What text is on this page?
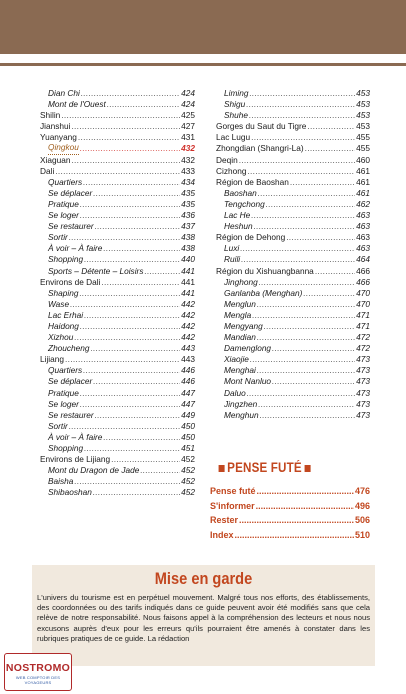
Dian Chi .....	424
Mont de l'Ouest .....	424
Shilin .....	425
Jianshui .....	427
Yuanyang .....	431
Qingkou .....	432
Xiaguan .....	432
Dali .....	433
Quartiers .....	434
Se déplacer .....	435
Pratique .....	435
Se loger .....	436
Se restaurer .....	437
Sortir .....	438
À voir – À faire .....	438
Shopping .....	440
Sports – Détente – Loisirs .....	441
Environs de Dali .....	441
Shaping .....	441
Wase .....	442
Lac Erhai .....	442
Haidong .....	442
Xizhou .....	442
Zhoucheng .....	443
Lijiang .....	443
Quartiers .....	446
Se déplacer .....	446
Pratique .....	447
Se loger .....	447
Se restaurer .....	449
Sortir .....	450
À voir – À faire .....	450
Shopping .....	451
Environs de Lijiang .....	452
Mont du Dragon de Jade .....	452
Baisha .....	452
Shibaoshan .....	452
Liming .....	453
Shigu .....	453
Shuhe .....	453
Gorges du Saut du Tigre .....	453
Lac Lugu .....	455
Zhongdian (Shangri-La) .....	455
Deqin .....	460
Cizhong .....	461
Région de Baoshan .....	461
Baoshan .....	461
Tengchong .....	462
Lac He .....	463
Heshun .....	463
Région de Dehong .....	463
Luxi .....	463
Ruili .....	464
Région du Xishuangbanna .....	466
Jinghong .....	466
Ganlanba (Menghan) .....	470
Menglun .....	470
Mengla .....	471
Mengyang .....	471
Mandian .....	472
Damenglong .....	472
Xiaojie .....	473
Menghai .....	473
Mont Nanluo .....	473
Daluo .....	473
Jingzhen .....	473
Menghun .....	473
PENSE FUTÉ
Pense futé .....	476
S'informer .....	496
Rester .....	506
Index .....	510
Mise en garde
L'univers du tourisme est en perpétuel mouvement. Malgré tous nos efforts, des établissements, des coordonnées ou des tarifs indiqués dans ce guide peuvent avoir été modifiés sans que cela relève de notre responsabilité. Nous faisons appel à la compréhension des lecteurs et nous nous excusons auprès d'eux pour les erreurs qu'ils pourraient être amenés à constater dans les rubriques pratiques de ce guide. La rédaction
NOSTROMO
WEB COMPTOIR DES VOYAGEURS
